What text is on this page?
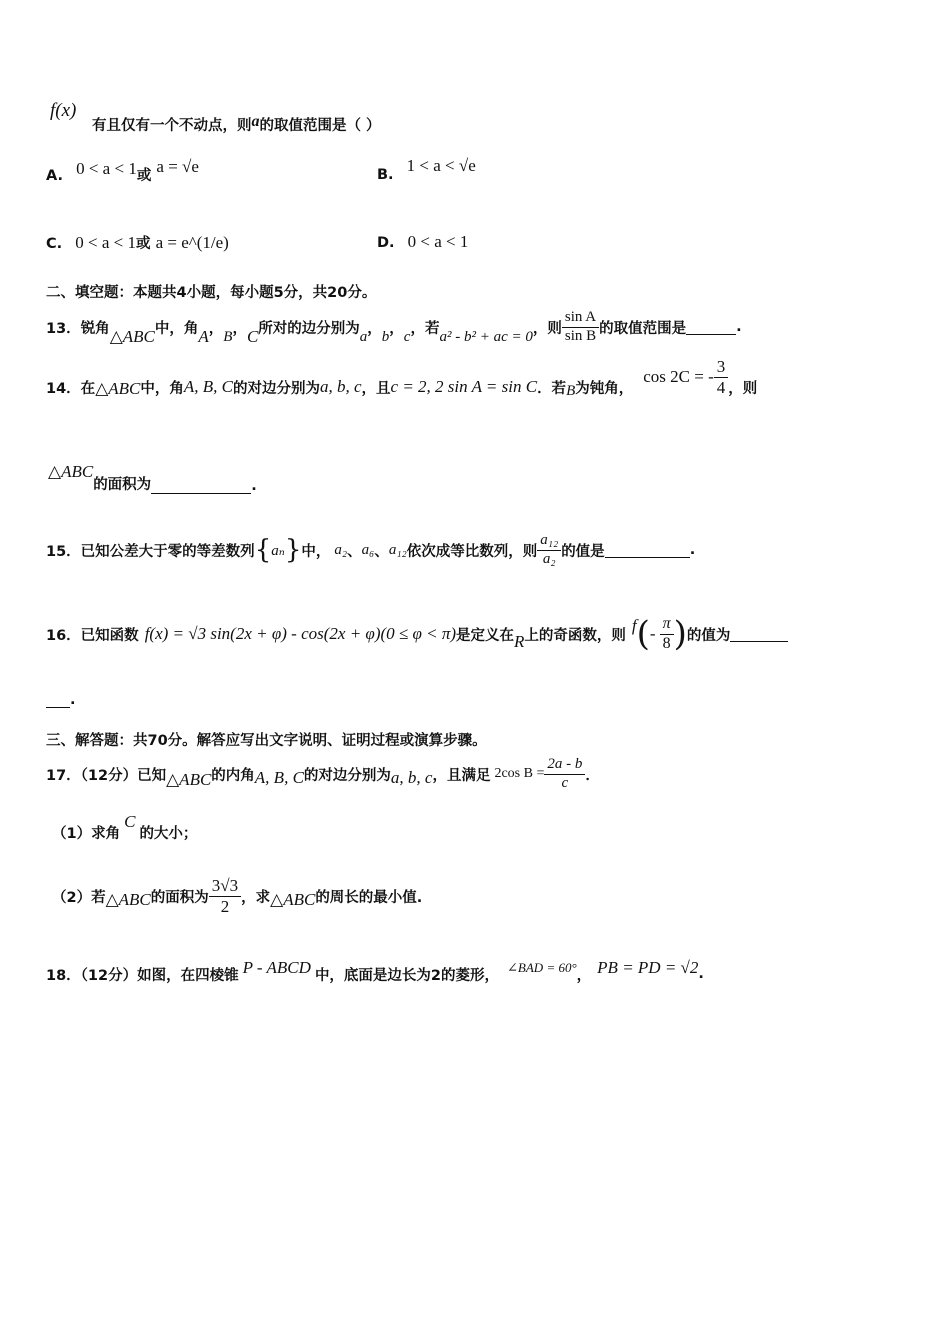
f(x)
有且仅有一个不动点，则a的取值范围是（ ）
A. 0 < a < 1或 a = √e	B. 1 < a < √e
C. 0 < a < 1或 a = e^(1/e)	D. 0 < a < 1
二、填空题：本题共4小题，每小题5分，共20分。
13． 锐角 △ABC 中，角 A ， B ， C 所对的边分别为 a ， b ， c ，若 a² - b² + ac = 0 ，则 $\frac{\text{sin A}}{\text{sin B}}$ 的取值范围是	.
14．在 △ABC 中，角 A, B, C 的对边分别为 a, b, c ，且 c = 2, 2 sin A = sin C ．若 B 为钝角，
cos 2C = - $\frac{3}{4}$ ，则
△ABC
的面积为	.
15．已知公差大于零的等差数列 { aₙ } 中， a₂ 、 a₆ 、 a₁₂ 依次成等比数列，则 $\frac{\text{a₁₂}}{\text{a₂}}$ 的值是	.
16．已知函数 f(x) = √3 sin(2x + φ) - cos(2x + φ)(0 ≤ φ < π) 是定义在 R 上的奇函数，则
f ( - $\frac{\pi}{8}$ ) 的值为
.
三、解答题：共70分。解答应写出文字说明、证明过程或演算步骤。
17．（12分）已知 △ABC 的内角 A, B, C 的对边分别为 a, b, c ，且满足 2cos $B = \frac{2a - b}{c}$ ．
（1）求角
C
的大小；
（2）若 △ABC 的面积为 $\frac{3√3}{2}$ ，求 △ABC 的周长的最小值.
18．（12分）如图，在四棱锥 P - ABCD 中，底面是边长为2的菱形， ∠BAD = 60° ， PB = PD = √2 .
